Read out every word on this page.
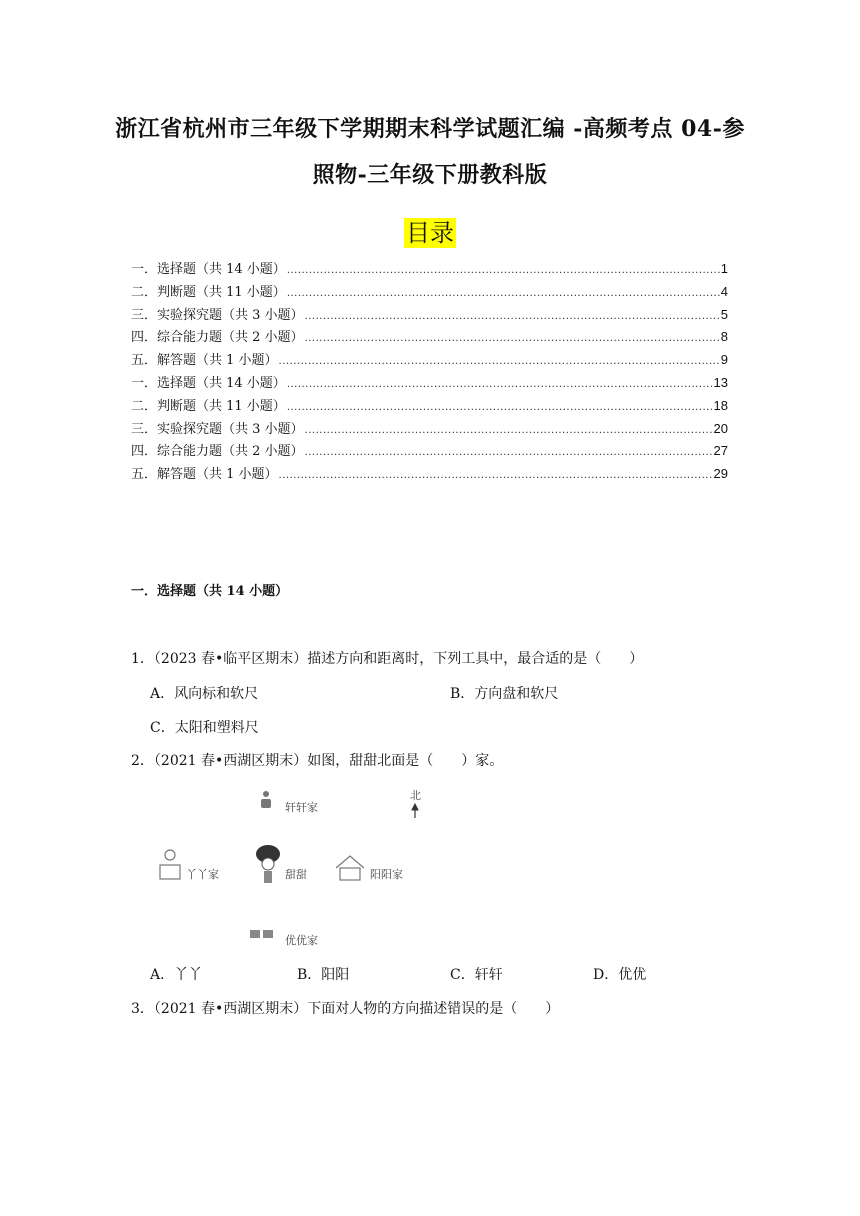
浙江省杭州市三年级下学期期末科学试题汇编 -高频考点 04-参
照物-三年级下册教科版
目录
一．选择题（共 14 小题） .....	1
二．判断题（共 11 小题） .....	4
三．实验探究题（共 3 小题） .....	5
四．综合能力题（共 2 小题） .....	8
五．解答题（共 1 小题） .....	9
一．选择题（共 14 小题） .....	13
二．判断题（共 11 小题） .....	18
三．实验探究题（共 3 小题） .....	20
四．综合能力题（共 2 小题） .....	27
五．解答题（共 1 小题） .....	29
一．选择题（共 14 小题）
1．（2023 春•临平区期末）描述方向和距离时，下列工具中，最合适的是（　　）
A．风向标和软尺	B．方向盘和软尺
C．太阳和塑料尺
2．（2021 春•西湖区期末）如图，甜甜北面是（　　）家。
轩轩家
北
丫丫家	甜甜	阳阳家
优优家
A．丫丫	B．阳阳	C．轩轩	D．优优
3．（2021 春•西湖区期末）下面对人物的方向描述错误的是（　　）
